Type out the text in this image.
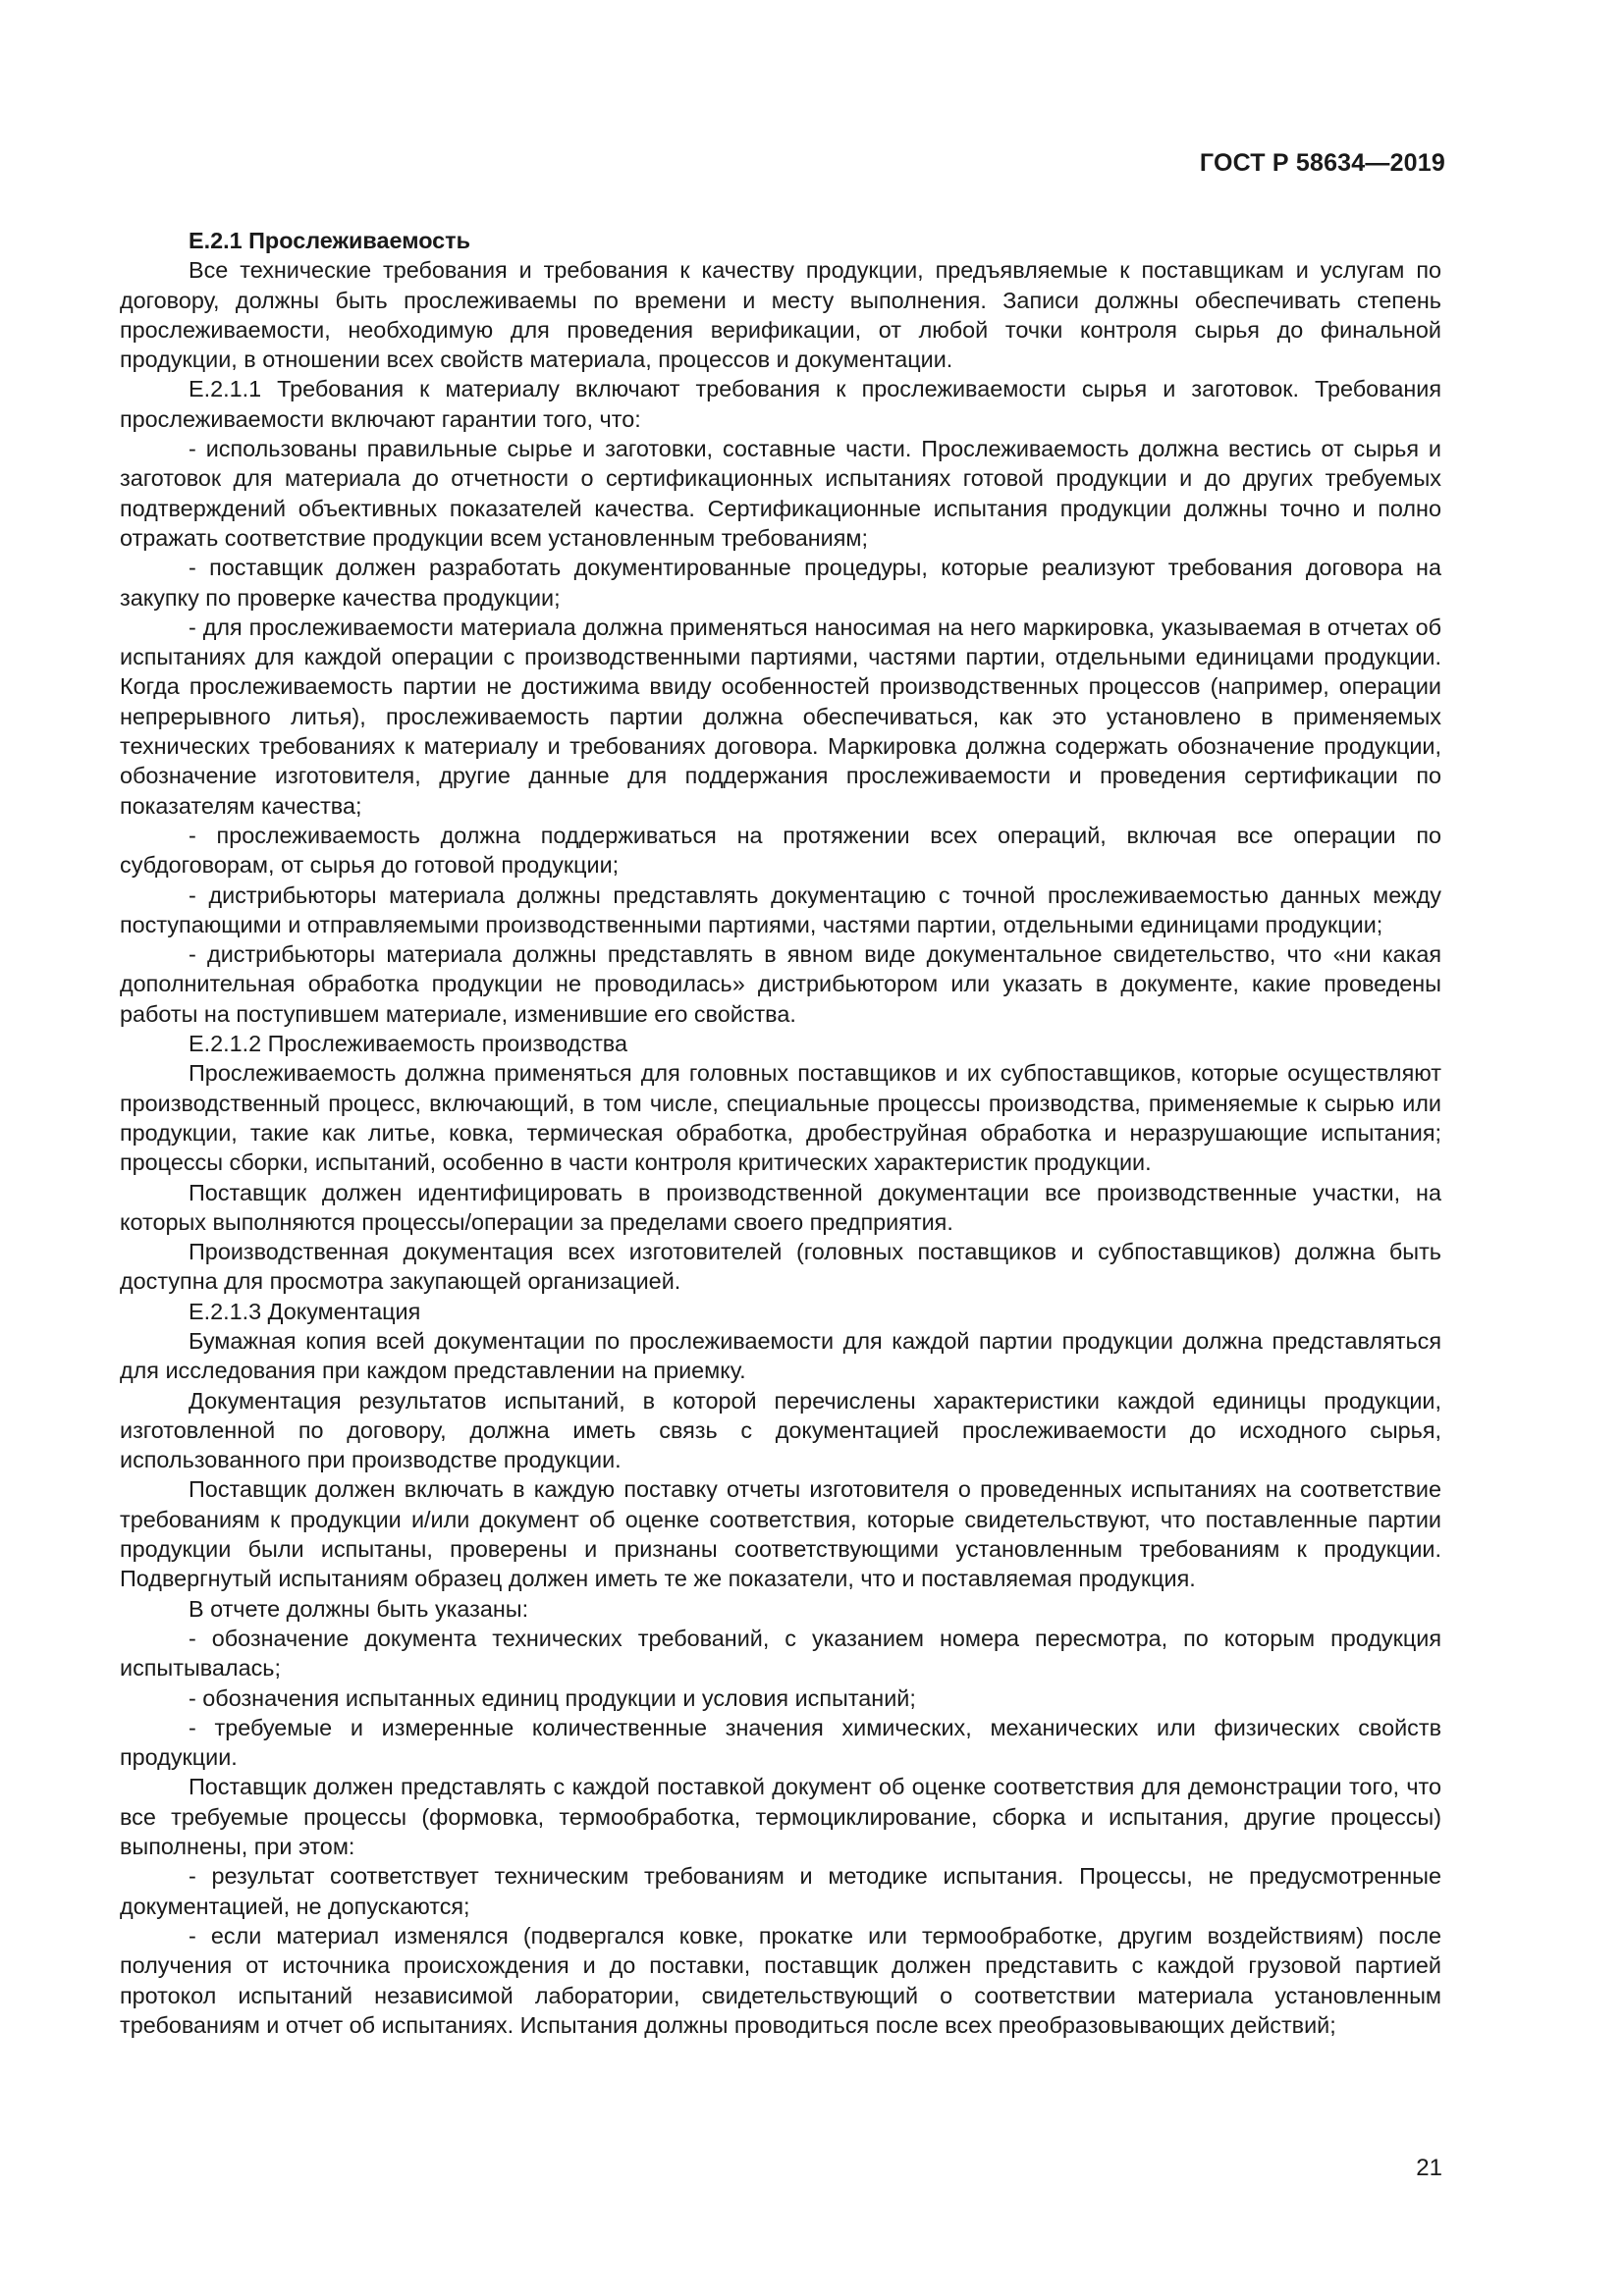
ГОСТ Р 58634—2019

Е.2.1 Прослеживаемость

Все технические требования и требования к качеству продукции, предъявляемые к поставщикам и услугам по договору, должны быть прослеживаемы по времени и месту выполнения. Записи должны обеспечивать степень прослеживаемости, необходимую для проведения верификации, от любой точки контроля сырья до финальной продукции, в отношении всех свойств материала, процессов и документации.

Е.2.1.1 Требования к материалу включают требования к прослеживаемости сырья и заготовок. Требования прослеживаемости включают гарантии того, что:

- использованы правильные сырье и заготовки, составные части. Прослеживаемость должна вестись от сырья и заготовок для материала до отчетности о сертификационных испытаниях готовой продукции и до других требуемых подтверждений объективных показателей качества. Сертификационные испытания продукции должны точно и полно отражать соответствие продукции всем установленным требованиям;

- поставщик должен разработать документированные процедуры, которые реализуют требования договора на закупку по проверке качества продукции;

- для прослеживаемости материала должна применяться наносимая на него маркировка, указываемая в отчетах об испытаниях для каждой операции с производственными партиями, частями партии, отдельными единицами продукции. Когда прослеживаемость партии не достижима ввиду особенностей производственных процессов (например, операции непрерывного литья), прослеживаемость партии должна обеспечиваться, как это установлено в применяемых технических требованиях к материалу и требованиях договора. Маркировка должна содержать обозначение продукции, обозначение изготовителя, другие данные для поддержания прослеживаемости и проведения сертификации по показателям качества;

- прослеживаемость должна поддерживаться на протяжении всех операций, включая все операции по субдоговорам, от сырья до готовой продукции;

- дистрибьюторы материала должны представлять документацию с точной прослеживаемостью данных между поступающими и отправляемыми производственными партиями, частями партии, отдельными единицами продукции;

- дистрибьюторы материала должны представлять в явном виде документальное свидетельство, что «ни какая дополнительная обработка продукции не проводилась» дистрибьютором или указать в документе, какие проведены работы на поступившем материале, изменившие его свойства.

Е.2.1.2 Прослеживаемость производства

Прослеживаемость должна применяться для головных поставщиков и их субпоставщиков, которые осуществляют производственный процесс, включающий, в том числе, специальные процессы производства, применяемые к сырью или продукции, такие как литье, ковка, термическая обработка, дробеструйная обработка и неразрушающие испытания; процессы сборки, испытаний, особенно в части контроля критических характеристик продукции.

Поставщик должен идентифицировать в производственной документации все производственные участки, на которых выполняются процессы/операции за пределами своего предприятия.

Производственная документация всех изготовителей (головных поставщиков и субпоставщиков) должна быть доступна для просмотра закупающей организацией.

Е.2.1.3 Документация

Бумажная копия всей документации по прослеживаемости для каждой партии продукции должна представляться для исследования при каждом представлении на приемку.

Документация результатов испытаний, в которой перечислены характеристики каждой единицы продукции, изготовленной по договору, должна иметь связь с документацией прослеживаемости до исходного сырья, использованного при производстве продукции.

Поставщик должен включать в каждую поставку отчеты изготовителя о проведенных испытаниях на соответствие требованиям к продукции и/или документ об оценке соответствия, которые свидетельствуют, что поставленные партии продукции были испытаны, проверены и признаны соответствующими установленным требованиям к продукции. Подвергнутый испытаниям образец должен иметь те же показатели, что и поставляемая продукция.

В отчете должны быть указаны:

- обозначение документа технических требований, с указанием номера пересмотра, по которым продукция испытывалась;

- обозначения испытанных единиц продукции и условия испытаний;

- требуемые и измеренные количественные значения химических, механических или физических свойств продукции.

Поставщик должен представлять с каждой поставкой документ об оценке соответствия для демонстрации того, что все требуемые процессы (формовка, термообработка, термоциклирование, сборка и испытания, другие процессы) выполнены, при этом:

- результат соответствует техническим требованиям и методике испытания. Процессы, не предусмотренные документацией, не допускаются;

- если материал изменялся (подвергался ковке, прокатке или термообработке, другим воздействиям) после получения от источника происхождения и до поставки, поставщик должен представить с каждой грузовой партией протокол испытаний независимой лаборатории, свидетельствующий о соответствии материала установленным требованиям и отчет об испытаниях. Испытания должны проводиться после всех преобразовывающих действий;

21
